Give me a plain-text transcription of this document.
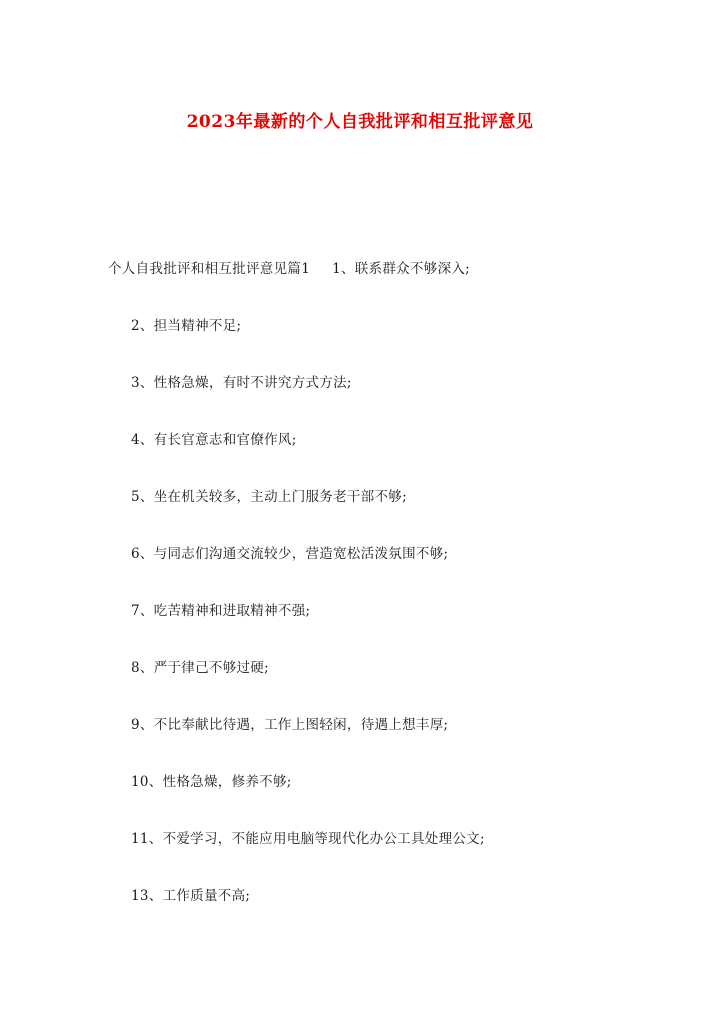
2023年最新的个人自我批评和相互批评意见
个人自我批评和相互批评意见篇1 1、联系群众不够深入;
2、担当精神不足;
3、性格急燥，有时不讲究方式方法;
4、有长官意志和官僚作风;
5、坐在机关较多，主动上门服务老干部不够;
6、与同志们沟通交流较少，营造宽松活泼氛围不够;
7、吃苦精神和进取精神不强;
8、严于律己不够过硬;
9、不比奉献比待遇，工作上图轻闲，待遇上想丰厚;
10、性格急燥，修养不够;
11、不爱学习，不能应用电脑等现代化办公工具处理公文;
13、工作质量不高;
